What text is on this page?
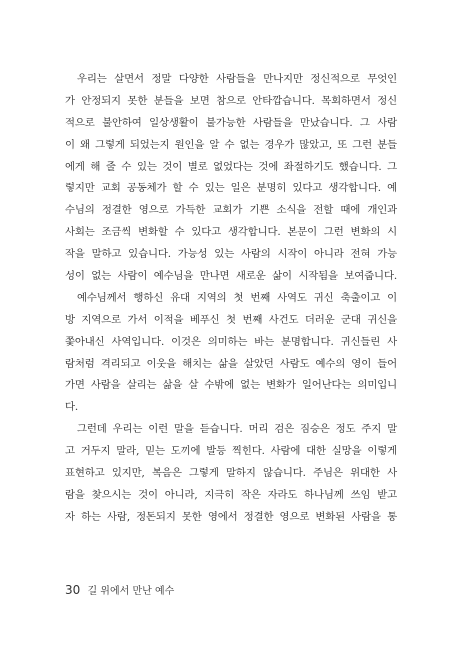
우리는 살면서 정말 다양한 사람들을 만나지만 정신적으로 무엇인
가 안정되지 못한 분들을 보면 참으로 안타깝습니다. 목회하면서 정신
적으로 불안하여 일상생활이 불가능한 사람들을 만났습니다. 그 사람
이 왜 그렇게 되었는지 원인을 알 수 없는 경우가 많았고, 또 그런 분들
에게 해 줄 수 있는 것이 별로 없었다는 것에 좌절하기도 했습니다. 그
렇지만 교회 공동체가 할 수 있는 일은 분명히 있다고 생각합니다. 예
수님의 정결한 영으로 가득한 교회가 기쁜 소식을 전할 때에 개인과
사회는 조금씩 변화할 수 있다고 생각합니다. 본문이 그런 변화의 시
작을 말하고 있습니다. 가능성 있는 사람의 시작이 아니라 전혀 가능
성이 없는 사람이 예수님을 만나면 새로운 삶이 시작됨을 보여줍니다.
예수님께서 행하신 유대 지역의 첫 번째 사역도 귀신 축출이고 이
방 지역으로 가서 이적을 베푸신 첫 번째 사건도 더러운 군대 귀신을
쫓아내신 사역입니다. 이것은 의미하는 바는 분명합니다. 귀신들린 사
람처럼 격리되고 이웃을 해치는 삶을 살았던 사람도 예수의 영이 들어
가면 사람을 살리는 삶을 살 수밖에 없는 변화가 일어난다는 의미입니
다.
그런데 우리는 이런 말을 듣습니다. 머리 검은 짐승은 정도 주지 말
고 거두지 말라, 믿는 도끼에 발등 찍힌다. 사람에 대한 실망을 이렇게
표현하고 있지만, 복음은 그렇게 말하지 않습니다. 주님은 위대한 사
람을 찾으시는 것이 아니라, 지극히 작은 자라도 하나님께 쓰임 받고
자 하는 사람, 정돈되지 못한 영에서 정결한 영으로 변화된 사람을 통
30 길 위에서 만난 예수
